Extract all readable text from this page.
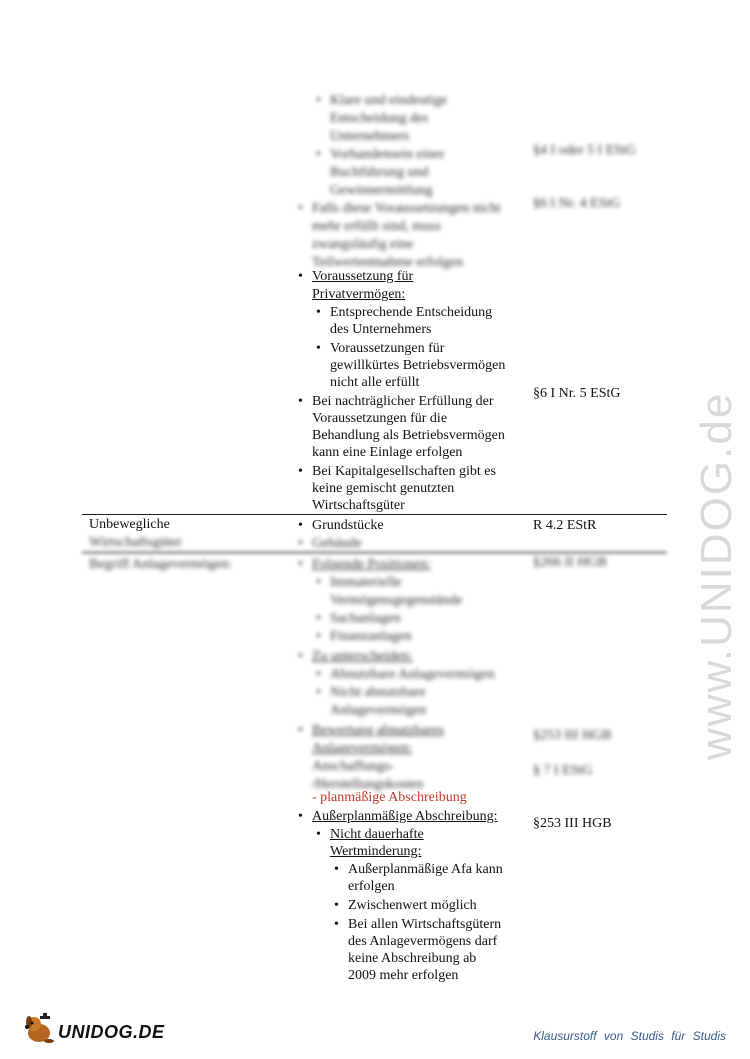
www.UNIDOG.de
• Klare und eindeutige
Entscheidung des
Unternehmers
• Vorhandensein einer
Buchführung und
Gewinnermittlung
• Falls diese Voraussetzungen nicht
mehr erfüllt sind, muss
zwangsläufig eine
Teilwertentnahme erfolgen
• Voraussetzung für
Privatvermögen:
• Entsprechende Entscheidung
des Unternehmers
• Voraussetzungen für
gewillkürtes Betriebsvermögen
nicht alle erfüllt
• Bei nachträglicher Erfüllung der
Voraussetzungen für die
Behandlung als Betriebsvermögen
kann eine Einlage erfolgen
• Bei Kapitalgesellschaften gibt es
keine gemischt genutzten
Wirtschaftsgüter
Unbewegliche
Wirtschaftsgüter
• Grundstücke
• Gebäude
R 4.2 EStR
Begriff Anlagevermögen:
•	Folgende Positionen:
• Immaterielle
Vermögensgegenstände
• Sachanlagen
• Finanzanlagen
• Zu unterscheiden:
• Abnutzbare Anlagevermögen
• Nicht abnutzbare
Anlagevermögen
• Bewertung abnutzbares
Anlagevermögen:
Anschaffungs-
/Herstellungskosten
- planmäßige Abschreibung
§4 I oder 5 I EStG
§6 I Nr. 4 EStG
§6 I Nr. 5 EStG
§266 II HGB
§253 III HGB
§ 7 I EStG
§253 III HGB
• Außerplanmäßige Abschreibung:
• Nicht dauerhafte
Wertminderung:
• Außerplanmäßige Afa kann
erfolgen
• Zwischenwert möglich
• Bei allen Wirtschaftsgütern
des Anlagevermögens darf
keine Abschreibung ab
2009 mehr erfolgen
UNIDOG.DE	Klausurstoff von Studis für Studis
